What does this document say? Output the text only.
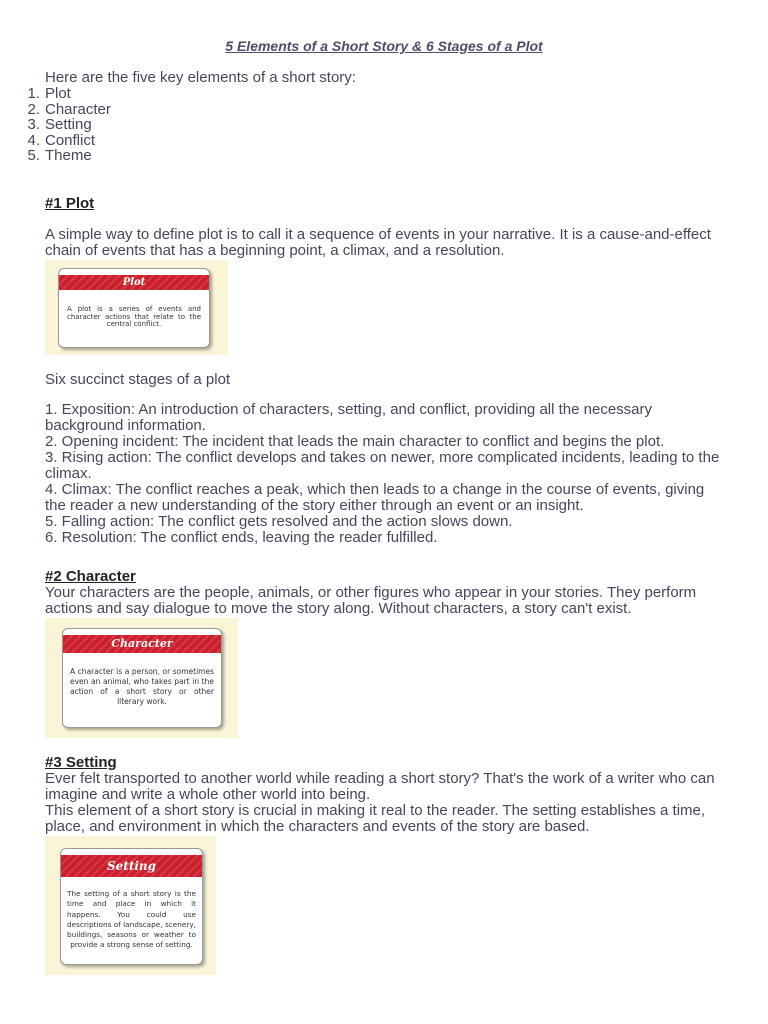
5 Elements of a Short Story & 6 Stages of a Plot
Here are the five key elements of a short story:
1. Plot
2. Character
3. Setting
4. Conflict
5. Theme
#1 Plot
A simple way to define plot is to call it a sequence of events in your narrative. It is a cause-and-effect chain of events that has a beginning point, a climax, and a resolution.
Plot
A plot is a series of events and character actions that relate to the central conflict.
Six succinct stages of a plot
1. Exposition: An introduction of characters, setting, and conflict, providing all the necessary background information.
2. Opening incident: The incident that leads the main character to conflict and begins the plot.
3. Rising action: The conflict develops and takes on newer, more complicated incidents, leading to the climax.
4. Climax: The conflict reaches a peak, which then leads to a change in the course of events, giving the reader a new understanding of the story either through an event or an insight.
5. Falling action: The conflict gets resolved and the action slows down.
6. Resolution: The conflict ends, leaving the reader fulfilled.
#2 Character
Your characters are the people, animals, or other figures who appear in your stories. They perform actions and say dialogue to move the story along. Without characters, a story can't exist.
Character
A character is a person, or sometimes even an animal, who takes part in the action of a short story or other literary work.
#3 Setting
Ever felt transported to another world while reading a short story? That's the work of a writer who can imagine and write a whole other world into being.
This element of a short story is crucial in making it real to the reader. The setting establishes a time, place, and environment in which the characters and events of the story are based.
Setting
The setting of a short story is the time and place in which it happens. You could use descriptions of landscape, scenery, buildings, seasons or weather to provide a strong sense of setting.
